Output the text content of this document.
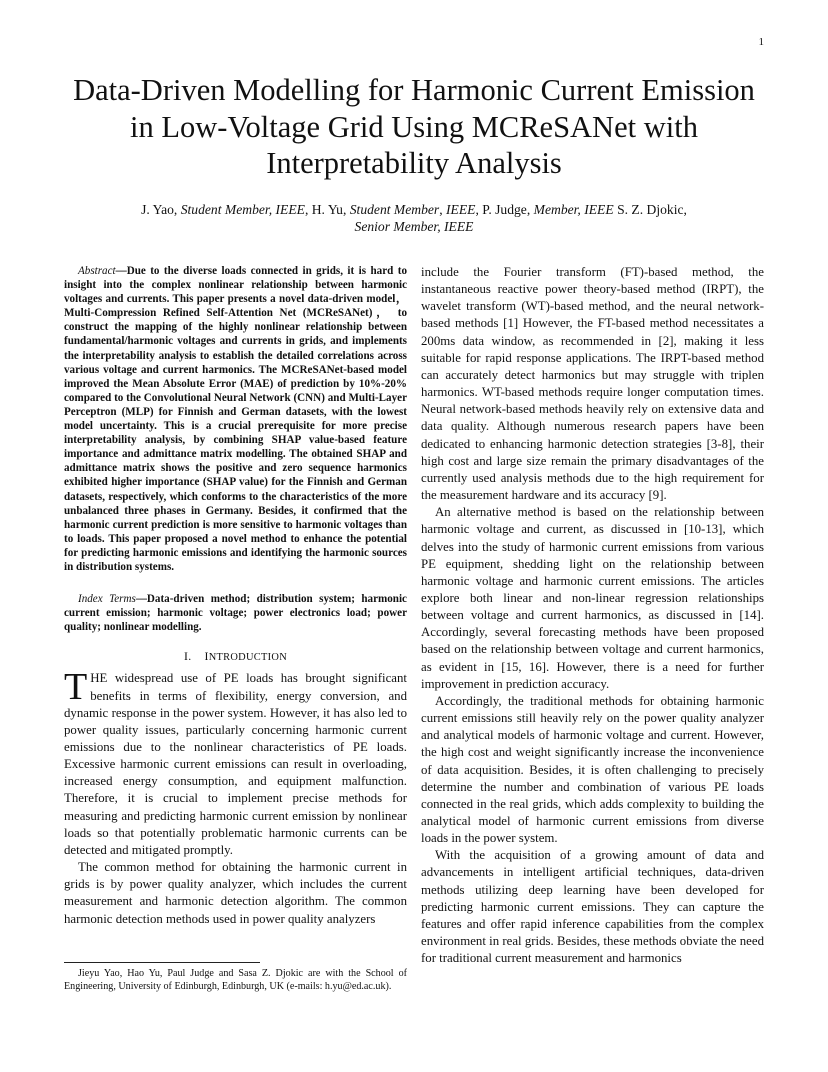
1
Data-Driven Modelling for Harmonic Current Emission in Low-Voltage Grid Using MCReSANet with Interpretability Analysis
J. Yao, Student Member, IEEE, H. Yu, Student Member, IEEE, P. Judge, Member, IEEE S. Z. Djokic,
Senior Member, IEEE

Abstract—Due to the diverse loads connected in grids, it is hard to insight into the complex nonlinear relationship between harmonic voltages and currents. This paper presents a novel data-driven model， Multi-Compression Refined Self-Attention Net (MCReSANet)， to construct the mapping of the highly nonlinear relationship between fundamental/harmonic voltages and currents in grids, and implements the interpretability analysis to establish the detailed correlations across various voltage and current harmonics. The MCReSANet-based model improved the Mean Absolute Error (MAE) of prediction by 10%-20% compared to the Convolutional Neural Network (CNN) and Multi-Layer Perceptron (MLP) for Finnish and German datasets, with the lowest model uncertainty. This is a crucial prerequisite for more precise interpretability analysis, by combining SHAP value-based feature importance and admittance matrix modelling. The obtained SHAP and admittance matrix shows the positive and zero sequence harmonics exhibited higher importance (SHAP value) for the Finnish and German datasets, respectively, which conforms to the characteristics of the more unbalanced three phases in Germany. Besides, it confirmed that the harmonic current prediction is more sensitive to harmonic voltages than to loads. This paper proposed a novel method to enhance the potential for predicting harmonic emissions and identifying the harmonic sources in distribution systems.

Index Terms—Data-driven method; distribution system; harmonic current emission; harmonic voltage; power electronics load; power quality; nonlinear modelling.

I. INTRODUCTION

THE widespread use of PE loads has brought significant benefits in terms of flexibility, energy conversion, and dynamic response in the power system. However, it has also led to power quality issues, particularly concerning harmonic current emissions due to the nonlinear characteristics of PE loads. Excessive harmonic current emissions can result in overloading, increased energy consumption, and equipment malfunction. Therefore, it is crucial to implement precise methods for measuring and predicting harmonic current emission by nonlinear loads so that potentially problematic harmonic currents can be detected and mitigated promptly.

The common method for obtaining the harmonic current in grids is by power quality analyzer, which includes the current measurement and harmonic detection algorithm. The common harmonic detection methods used in power quality analyzers

include the Fourier transform (FT)-based method, the instantaneous reactive power theory-based method (IRPT), the wavelet transform (WT)-based method, and the neural network-based methods [1] However, the FT-based method necessitates a 200ms data window, as recommended in [2], making it less suitable for rapid response applications. The IRPT-based method can accurately detect harmonics but may struggle with triplen harmonics. WT-based methods require longer computation times. Neural network-based methods heavily rely on extensive data and data quality. Although numerous research papers have been dedicated to enhancing harmonic detection strategies [3-8], their high cost and large size remain the primary disadvantages of the currently used analysis methods due to the high requirement for the measurement hardware and its accuracy [9].

An alternative method is based on the relationship between harmonic voltage and current, as discussed in [10-13], which delves into the study of harmonic current emissions from various PE equipment, shedding light on the relationship between harmonic voltage and harmonic current emissions. The articles explore both linear and non-linear regression relationships between voltage and current harmonics, as discussed in [14]. Accordingly, several forecasting methods have been proposed based on the relationship between voltage and current harmonics, as evident in [15, 16]. However, there is a need for further improvement in prediction accuracy.

Accordingly, the traditional methods for obtaining harmonic current emissions still heavily rely on the power quality analyzer and analytical models of harmonic voltage and current. However, the high cost and weight significantly increase the inconvenience of data acquisition. Besides, it is often challenging to precisely determine the number and combination of various PE loads connected in the real grids, which adds complexity to building the analytical model of harmonic current emissions from diverse loads in the power system.

With the acquisition of a growing amount of data and advancements in intelligent artificial techniques, data-driven methods utilizing deep learning have been developed for predicting harmonic current emissions. They can capture the features and offer rapid inference capabilities from the complex environment in real grids. Besides, these methods obviate the need for traditional current measurement and harmonics

Jieyu Yao, Hao Yu, Paul Judge and Sasa Z. Djokic are with the School of Engineering, University of Edinburgh, Edinburgh, UK (e-mails: h.yu@ed.ac.uk).
